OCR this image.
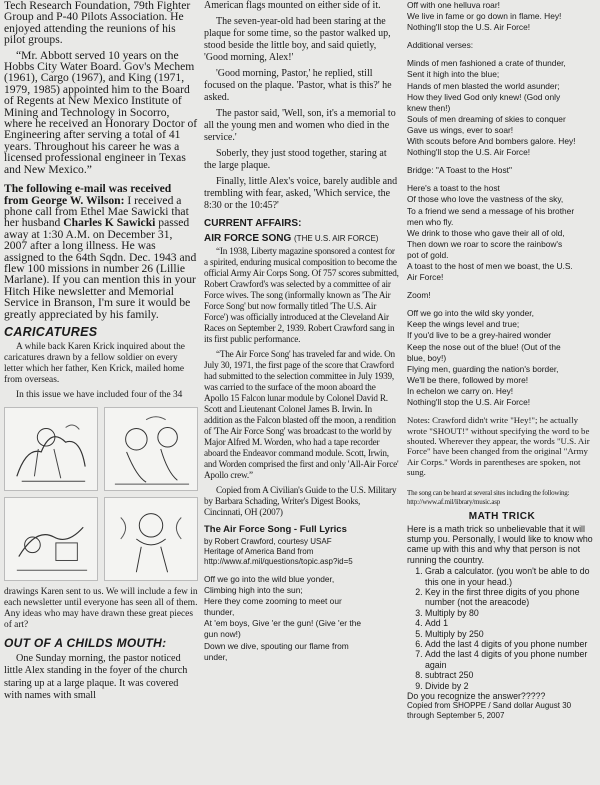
Tech Research Foundation, 79th Fighter Group and P-40 Pilots Association. He enjoyed attending the reunions of his pilot groups.

“Mr. Abbott served 10 years on the Hobbs City Water Board. Gov's Mechem (1961), Cargo (1967), and King (1971, 1979, 1985) appointed him to the Board of Regents at New Mexico Institute of Mining and Technology in Socorro, where he received an Honorary Doctor of Engineering after serving a total of 41 years. Throughout his career he was a licensed professional engineer in Texas and New Mexico.”

The following e-mail was received from George W. Wilson: I received a phone call from Ethel Mae Sawicki that her husband Charles K Sawicki passed away at 1:30 A.M. on December 31, 2007 after a long illness. He was assigned to the 64th Sqdn. Dec. 1943 and flew 100 missions in number 26 (Lillie Marlane). If you can mention this in your Hitch Hike newsletter and Memorial Service in Branson, I'm sure it would be greatly appreciated by his family.

CARICATURES

A while back Karen Krick inquired about the caricatures drawn by a fellow soldier on every letter which her father, Ken Krick, mailed home from overseas.

In this issue we have included four of the 34

drawings Karen sent to us. We will include a few in each newsletter until everyone has seen all of them. Any ideas who may have drawn these great pieces of art?

OUT OF A CHILDS MOUTH:

One Sunday morning, the pastor noticed little Alex standing in the foyer of the church staring up at a large plaque. It was covered with names with small

American flags mounted on either side of it.

The seven-year-old had been staring at the plaque for some time, so the pastor walked up, stood beside the little boy, and said quietly, 'Good morning, Alex!'

'Good morning, Pastor,' he replied, still focused on the plaque. 'Pastor, what is this?' he asked.

The pastor said, 'Well, son, it's a memorial to all the young men and women who died in the service.'

Soberly, they just stood together, staring at the large plaque.

Finally, little Alex's voice, barely audible and trembling with fear, asked, 'Which service, the 8:30 or the 10:45?'

CURRENT AFFAIRS:
AIR FORCE SONG (THE U.S. AIR FORCE)

“In 1938, Liberty magazine sponsored a contest for a spirited, enduring musical composition to become the official Army Air Corps Song. Of 757 scores submitted, Robert Crawford's was selected by a committee of air Force wives. The song (informally known as 'The Air Force Song' but now formally titled 'The U.S. Air Force') was officially introduced at the Cleveland Air Races on September 2, 1939. Robert Crawford sang in its first public performance.

“The Air Force Song' has traveled far and wide. On July 30, 1971, the first page of the score that Crawford had submitted to the selection committee in July 1939, was carried to the surface of the moon aboard the Apollo 15 Falcon lunar module by Colonel David R. Scott and Lieutenant Colonel James B. Irwin. In addition as the Falcon blasted off the moon, a rendition of 'The Air Force Song' was broadcast to the world by Major Alfred M. Worden, who had a tape recorder aboard the Endeavor command module. Scott, Irwin, and Worden comprised the first and only 'All-Air Force' Apollo crew.”

Copied from A Civilian's Guide to the U.S. Military by Barbara Schading, Writer's Digest Books, Cincinnati, OH (2007)

The Air Force Song - Full Lyrics
by Robert Crawford, courtesy USAF
Heritage of America Band from
http://www.af.mil/questions/topic.asp?id=5
Off we go into the wild blue yonder,
Climbing high into the sun;
Here they come zooming to meet our
thunder,
At 'em boys, Give 'er the gun! (Give 'er the
gun now!)
Down we dive, spouting our flame from
under,
Off with one helluva roar!
We live in fame or go down in flame. Hey!
Nothing'll stop the U.S. Air Force!
Additional verses:
Minds of men fashioned a crate of thunder,
Sent it high into the blue;
Hands of men blasted the world asunder;
How they lived God only knew! (God only
knew then!)
Souls of men dreaming of skies to conquer
Gave us wings, ever to soar!
With scouts before And bombers galore. Hey!
Nothing'll stop the U.S. Air Force!
Bridge: "A Toast to the Host"
Here's a toast to the host
Of those who love the vastness of the sky,
To a friend we send a message of his brother
men who fly.
We drink to those who gave their all of old,
Then down we roar to score the rainbow's
pot of gold.
A toast to the host of men we boast, the U.S.
Air Force!
Zoom!
Off we go into the wild sky yonder,
Keep the wings level and true;
If you'd live to be a grey-haired wonder
Keep the nose out of the blue! (Out of the
blue, boy!)
Flying men, guarding the nation's border,
We'll be there, followed by more!
In echelon we carry on. Hey!
Nothing'll stop the U.S. Air Force!

Notes: Crawford didn't write "Hey!"; he actually wrote "SHOUT!" without specifying the word to be shouted. Wherever they appear, the words "U.S. Air Force" have been changed from the original "Army Air Corps." Words in parentheses are spoken, not sung.

The song can be heard at several sites including the following:
http://www.af.mil/library/music.asp
MATH TRICK

Here is a math trick so unbelievable that it will stump you. Personally, I would like to know who came up with this and why that person is not running the country.

1. Grab a calculator. (you won't be able to do this one in your head.)
2. Key in the first three digits of you phone number (not the areacode)
3. Multiply by 80
4. Add 1
5. Multiply by 250
6. Add the last 4 digits of you phone number
7. Add the last 4 digits of you phone number again
8. subtract 250
9. Divide by 2
Do you recognize the answer?????
Copied from SHOPPE / Sand dollar August 30 through September 5, 2007
